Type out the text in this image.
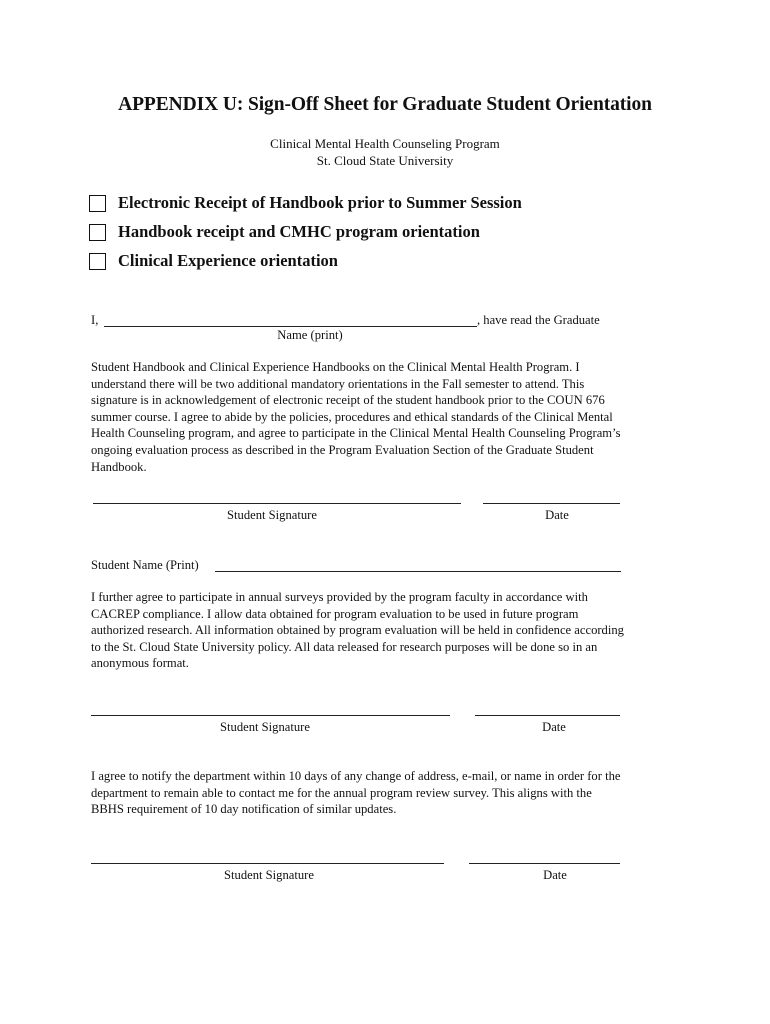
APPENDIX U: Sign-Off Sheet for Graduate Student Orientation
Clinical Mental Health Counseling Program
St. Cloud State University
Electronic Receipt of Handbook prior to Summer Session
Handbook receipt and CMHC program orientation
Clinical Experience orientation
I,	, have read the Graduate
Name (print)
Student Handbook and Clinical Experience Handbooks on the Clinical Mental Health Program. I
understand there will be two additional mandatory orientations in the Fall semester to attend. This
signature is in acknowledgement of electronic receipt of the student handbook prior to the COUN 676
summer course. I agree to abide by the policies, procedures and ethical standards of the Clinical Mental
Health Counseling program, and agree to participate in the Clinical Mental Health Counseling Program’s
ongoing evaluation process as described in the Program Evaluation Section of the Graduate Student
Handbook.
Student Signature	Date
Student Name (Print)
I further agree to participate in annual surveys provided by the program faculty in accordance with
CACREP compliance. I allow data obtained for program evaluation to be used in future program
authorized research. All information obtained by program evaluation will be held in confidence according
to the St. Cloud State University policy. All data released for research purposes will be done so in an
anonymous format.
Student Signature	Date
I agree to notify the department within 10 days of any change of address, e-mail, or name in order for the
department to remain able to contact me for the annual program review survey. This aligns with the
BBHS requirement of 10 day notification of similar updates.
Student Signature	Date
